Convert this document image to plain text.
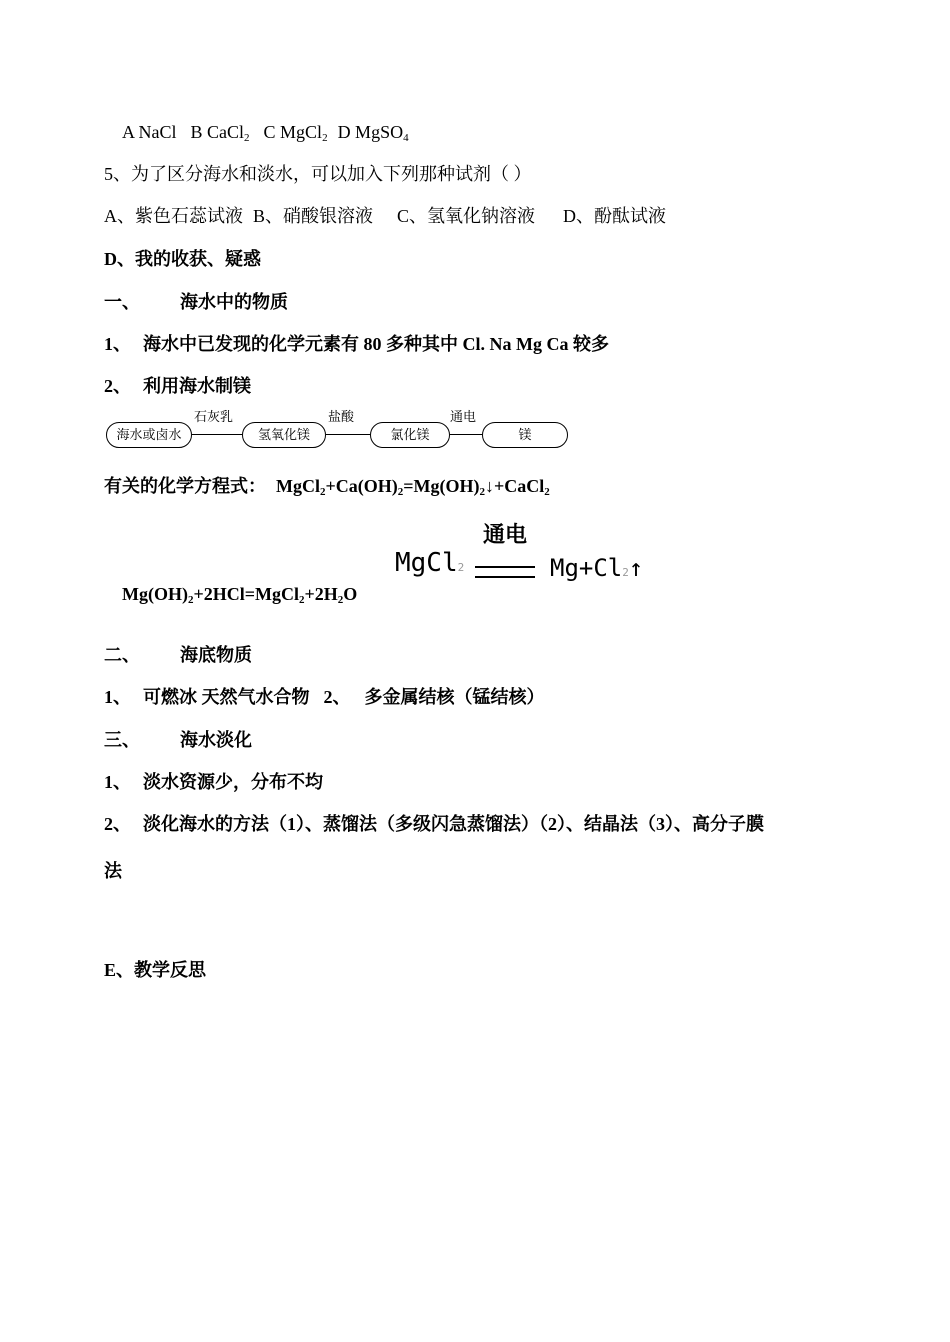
A NaCl B CaCl$_2$ C MgCl$_2$ D MgSO$_4$
5、为了区分海水和淡水，可以加入下列那种试剂（ ）
A、紫色石蕊试液 B、硝酸银溶液 C、氢氧化钠溶液 D、酚酞试液
D、我的收获、疑惑
一、 海水中的物质
1、 海水中已发现的化学元素有 80 多种其中 Cl. Na Mg Ca 较多
2、 利用海水制镁
海水或卤水
石灰乳
氢氧化镁
盐酸
氯化镁
通电
镁
有关的化学方程式： $MgCl_2+Ca(OH)_2=Mg(OH)_2↓+CaCl_2$
$Mg(OH)_2+2HCl=MgCl_2+2H_2O$
MgCl2
通电
Mg+Cl2↑
二、 海底物质
1、 可燃冰 天然气水合物 2、 多金属结核（锰结核）
三、 海水淡化
1、 淡水资源少，分布不均
2、 淡化海水的方法（1）、蒸馏法（多级闪急蒸馏法）（2）、结晶法（3）、高分子膜
法
E、教学反思
